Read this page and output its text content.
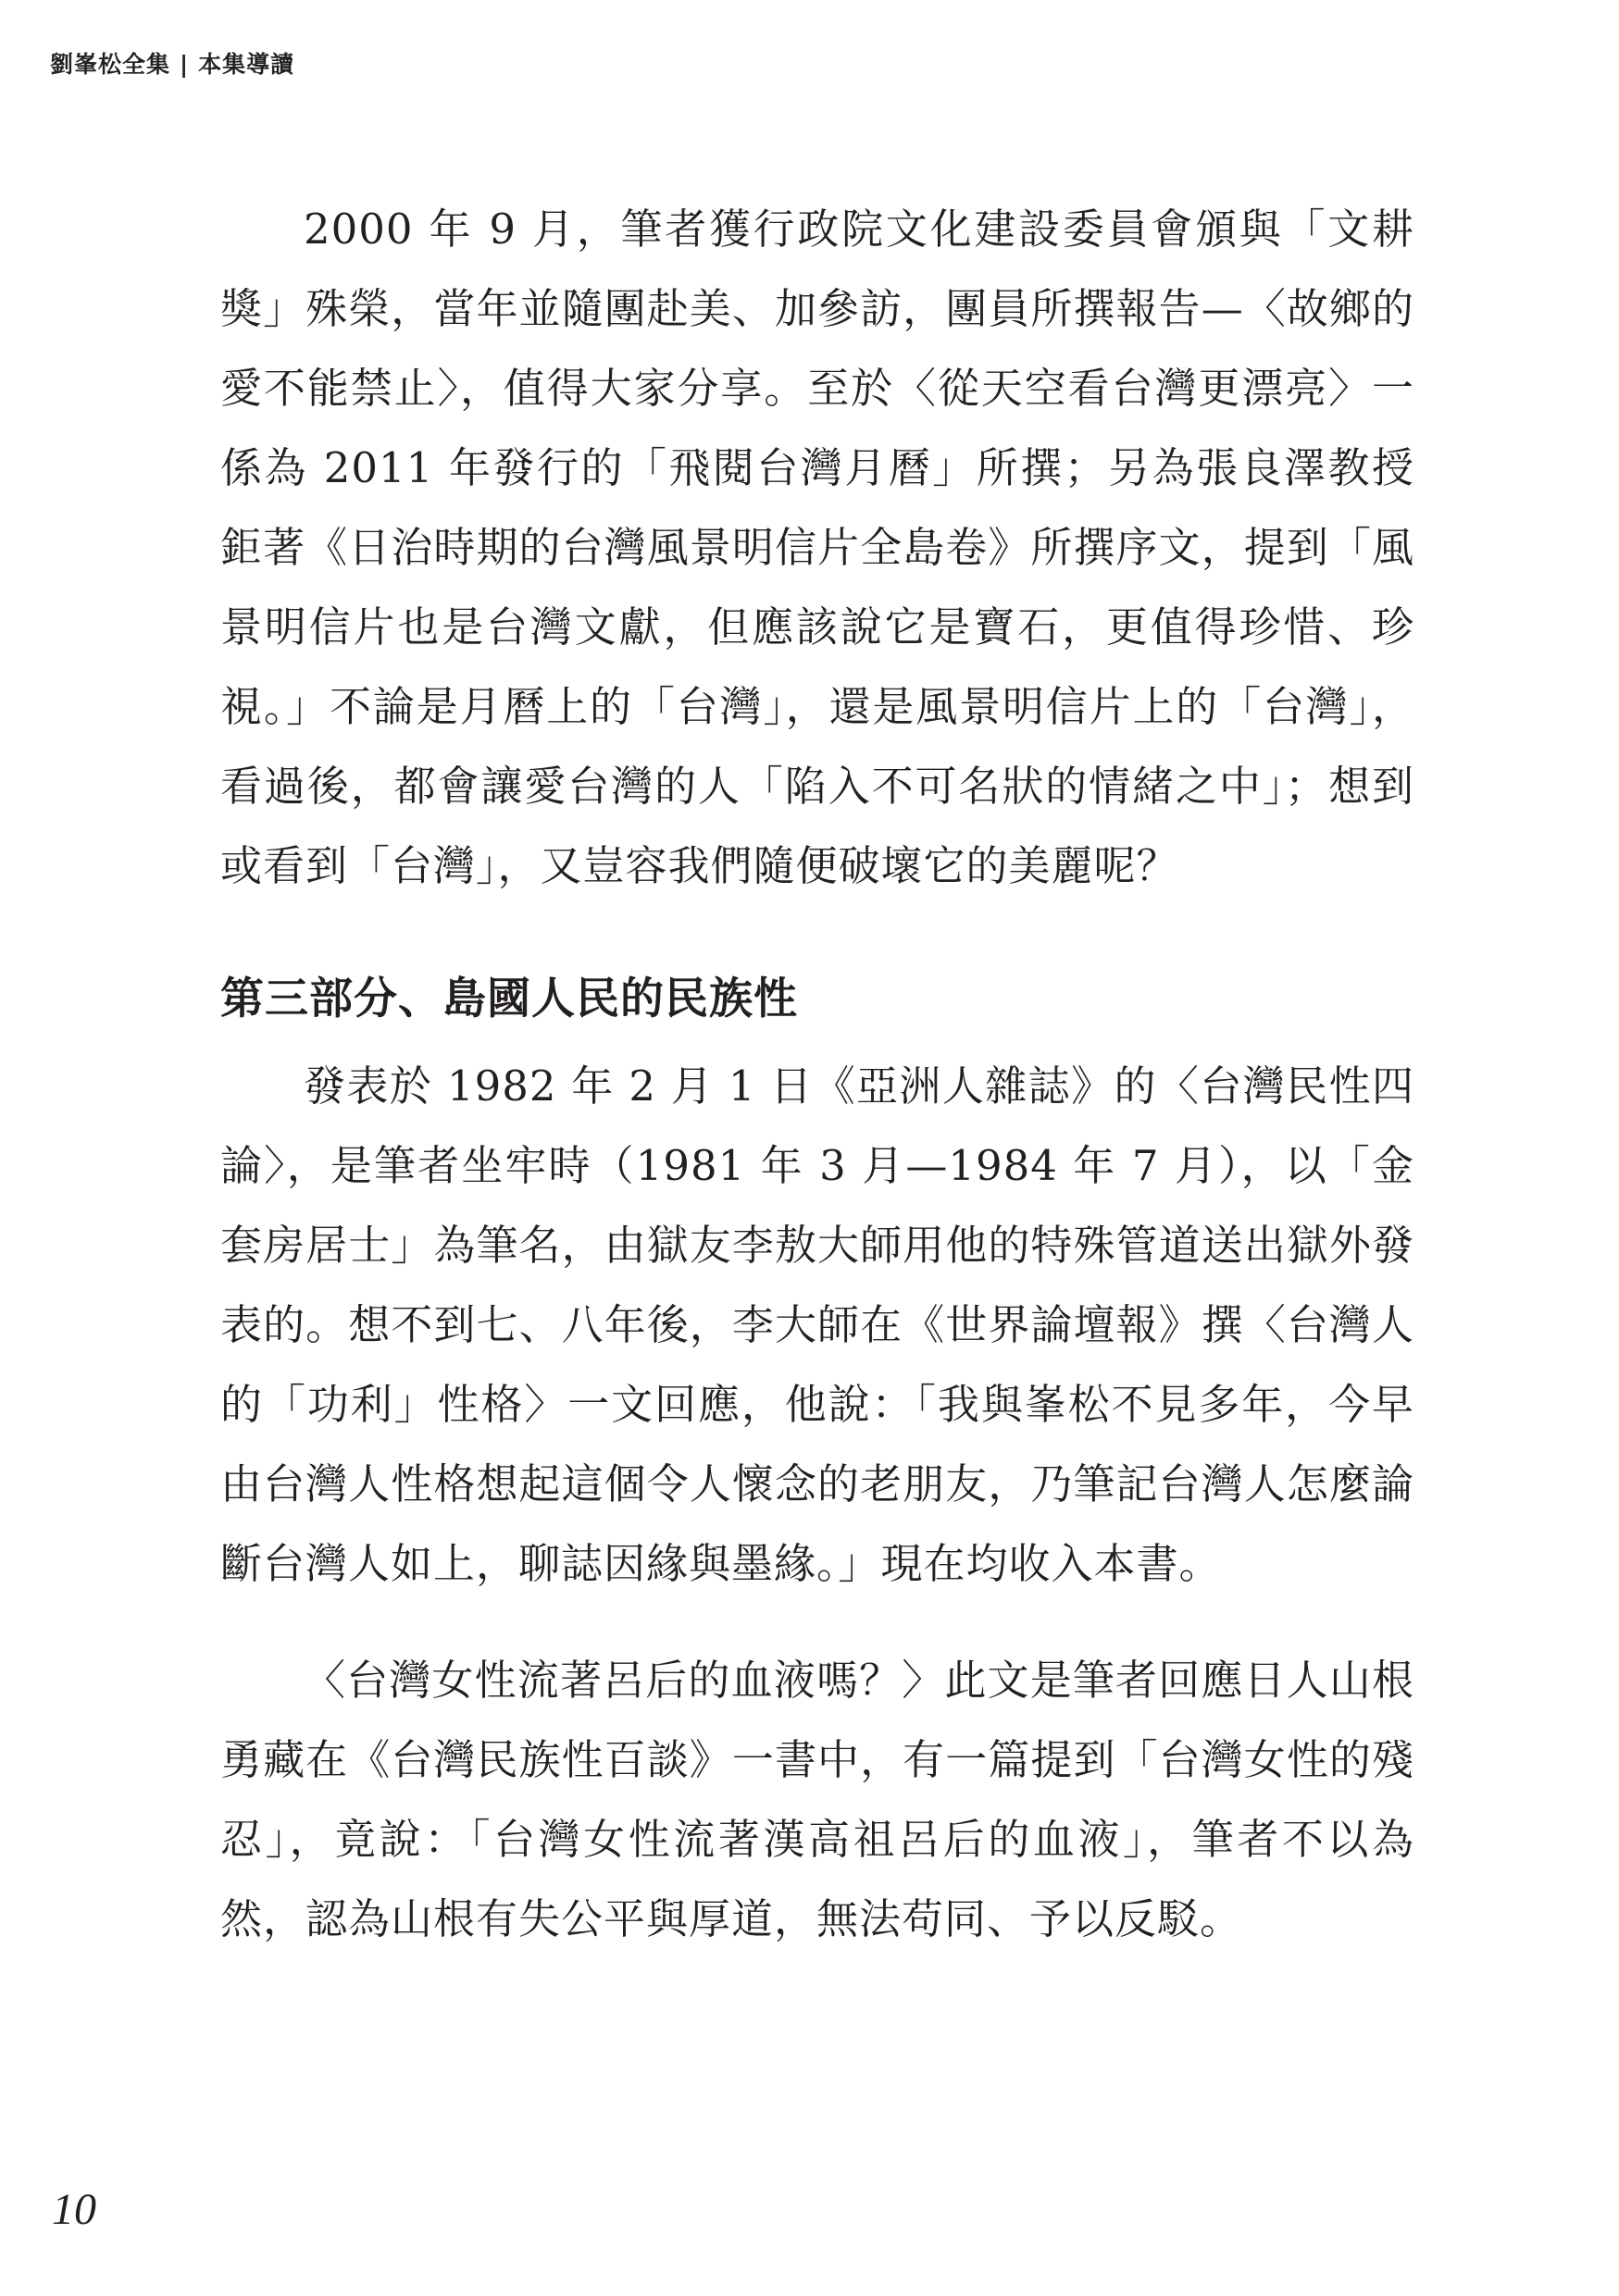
劉峯松全集 | 本集導讀

2000 年 9 月，筆者獲行政院文化建設委員會頒與「文耕獎」殊榮，當年並隨團赴美、加參訪，團員所撰報告—〈故鄉的愛不能禁止〉，值得大家分享。至於〈從天空看台灣更漂亮〉一係為 2011 年發行的「飛閱台灣月曆」所撰；另為張良澤教授鉅著《日治時期的台灣風景明信片全島卷》所撰序文，提到「風景明信片也是台灣文獻，但應該說它是寶石，更值得珍惜、珍視。」不論是月曆上的「台灣」，還是風景明信片上的「台灣」，看過後，都會讓愛台灣的人「陷入不可名狀的情緒之中」；想到或看到「台灣」，又豈容我們隨便破壞它的美麗呢？

第三部分、島國人民的民族性

發表於 1982 年 2 月 1 日《亞洲人雜誌》的〈台灣民性四論〉，是筆者坐牢時（1981 年 3 月—1984 年 7 月），以「金套房居士」為筆名，由獄友李敖大師用他的特殊管道送出獄外發表的。想不到七、八年後，李大師在《世界論壇報》撰〈台灣人的「功利」性格〉一文回應，他說：「我與峯松不見多年，今早由台灣人性格想起這個令人懷念的老朋友，乃筆記台灣人怎麼論斷台灣人如上，聊誌因緣與墨緣。」現在均收入本書。

〈台灣女性流著呂后的血液嗎？〉此文是筆者回應日人山根勇藏在《台灣民族性百談》一書中，有一篇提到「台灣女性的殘忍」，竟說：「台灣女性流著漢高祖呂后的血液」，筆者不以為然，認為山根有失公平與厚道，無法苟同、予以反駁。

10
